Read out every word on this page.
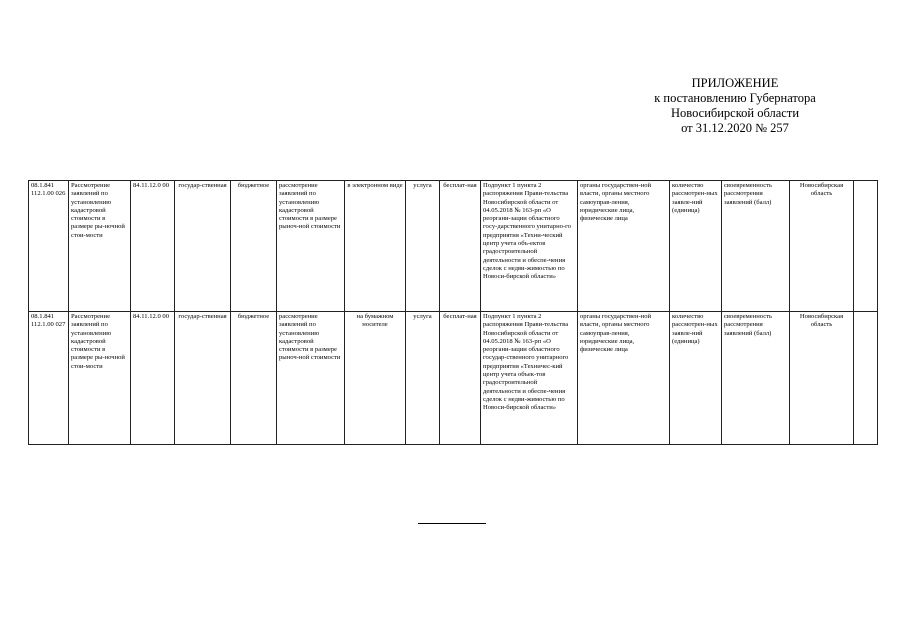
ПРИЛОЖЕНИЕ
к постановлению Губернатора
Новосибирской области
от 31.12.2020 № 257
08.1.841 112.1.00 026	Рассмотрение заявлений по установлению кадастровой стоимости в размере ры-ночной стои-мости	84.11.12.0 00	государ-ственная	бюджетное	рассмотрение заявлений по установлению кадастровой стоимости в размере рыноч-ной стоимости	в электронном виде	услуга	бесплат-ная	Подпункт 1 пункта 2 распоряжения Прави-тельства Новосибирской области от 04.05.2018 № 163-рп «О реоргани-зации областного госу-дарственного унитарно-го предприятия «Техни-ческий центр учета объ-ектов градостроительной деятельности и обеспе-чения сделок с недви-жимостью по Новоси-бирской области»	органы государствен-ной власти, органы местного самоуправ-ления, юридические лица, физические лица	количество рассмотрен-ных заявле-ний (единица)	своевременность рассмотрения заявлений (балл)	Новосибирская область	
08.1.841 112.1.00 027	Рассмотрение заявлений по установлению кадастровой стоимости в размере ры-ночной стои-мости	84.11.12.0 00	государ-ственная	бюджетное	рассмотрение заявлений по установлению кадастровой стоимости в размере рыноч-ной стоимости	на бумажном носителе	услуга	бесплат-ная	Подпункт 1 пункта 2 распоряжения Прави-тельства Новосибирской области от 04.05.2018 № 163-рп «О реоргани-зации областного государ-ственного унитарного предприятия «Техничес-кий центр учета объек-тов градостроительной деятельности и обеспе-чения сделок с недви-жимостью по Новоси-бирской области»	органы государствен-ной власти, органы местного самоуправ-ления, юридические лица, физические лица	количество рассмотрен-ных заявле-ний (единица)	своевременность рассмотрения заявлений (балл)	Новосибирская область	
